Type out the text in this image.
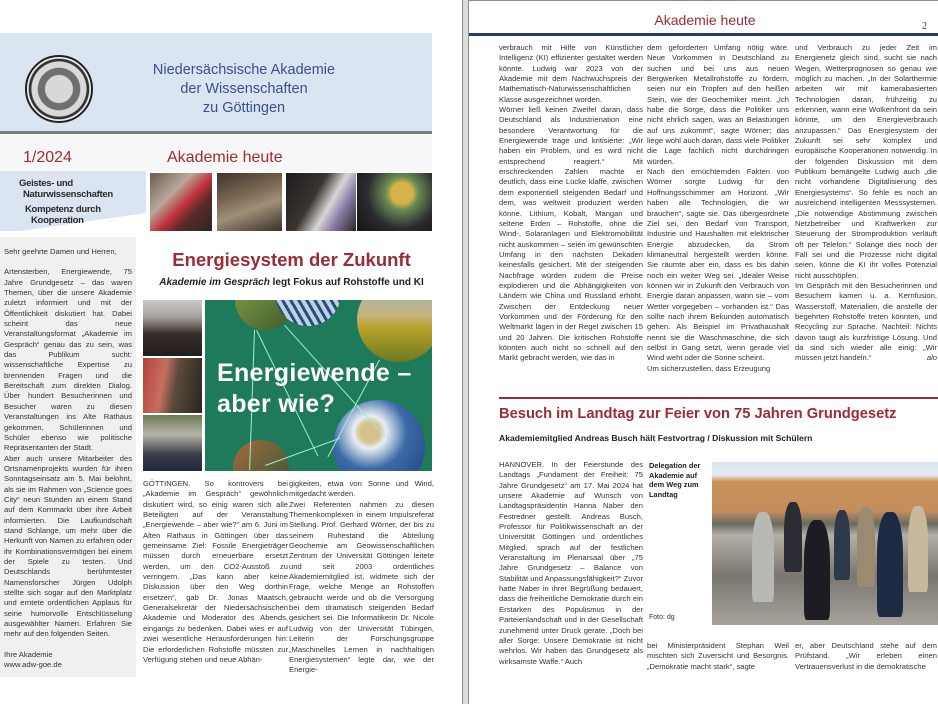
Niedersächsische Akademie
der Wissenschaften
zu Göttingen
1/2024	Akademie heute
Geistes- und
Naturwissenschaften
Kompetenz durch
Kooperation

Sehr geehrte Damen und Herren,

Artensterben, Energiewende, 75 Jahre Grundgesetz – das waren Themen, über die unsere Akademie zuletzt informiert und mit der Öffentlichkeit diskutiert hat. Dabei scheint das neue Veranstaltungsformat „Akademie im Gespräch“ genau das zu sein, was das Publikum sucht: wissenschaftliche Expertise zu brennenden Fragen und die Bereitschaft zum direkten Dialog. Über hundert Besucherinnen und Besucher waren zu diesen Veranstaltungen ins Alte Rathaus gekommen, Schülerinnen und Schüler ebenso wie politische Repräsentanten der Stadt.

Aber auch unsere Mitarbeiter des Ortsnamenprojekts wurden für ihren Sonntagseinsatz am 5. Mai belohnt, als sie im Rahmen von „Science goes City“ neun Stunden an einem Stand auf dem Kornmarkt über ihre Arbeit informierten. Die Laufkundschaft stand Schlange, um mehr über die Herkunft von Namen zu erfahren oder ihr Kombinationsvermögen bei einem der Spiele zu testen. Und Deutschlands berühmtester Namensforscher Jürgen Udolph stellte sich sogar auf den Marktplatz und erntete ordentlichen Applaus für seine humorvolle Entschlüsselung ausgewählter Namen. Erfahren Sie mehr auf den folgenden Seiten.

Ihre Akademie

www.adw-goe.de

Energiesystem der Zukunft
Akademie im Gespräch legt Fokus auf Rohstoffe und KI
Energiewende –
aber wie?
GÖTTINGEN. So kontrovers bei „Akademie im Gespräch“ gewöhnlich diskutiert wird, so einig waren sich alle Beteiligten auf der Veranstaltung „Energiewende – aber wie?“ am 6. Juni im Alten Rathaus in Göttingen über das gemeinsame Ziel: Fossile Energieträger müssen durch erneuerbare ersetzt werden, um den CO2-Ausstoß zu verringern. „Das kann aber keine Diskussion über den Weg dorthin ersetzen“, gab Dr. Jonas Maatsch, Generalsekretär der Niedersächsischen Akademie und Moderator des Abends, eingangs zu bedenken. Dabei wies er auf zwei wesentliche Herausforderungen hin: Die erforderlichen Rohstoffe müssten zur Verfügung stehen und neue Abhän-
gigkeiten, etwa von Sonne und Wind, mitgedacht werden.
Zwei Referenten nahmen zu diesen Themenkomplexen in einem Impulsreferat Stellung. Prof. Gerhard Wörner, der bis zu seinem Ruhestand die Abteilung Geochemie am Geowissenschaftlichen Zentrum der Universität Göttingen leitete und seit 2003 ordentliches Akademiemitglied ist, widmete sich der Frage, welche Menge an Rohstoffen gebraucht werde und ob die Versorgung bei dem dramatisch steigenden Bedarf gesichert sei. Die Informatikerin Dr. Nicole Ludwig von der Universität Tübingen, Leiterin der Forschungsgruppe „Maschinelles Lernen in nachhaltigen Energiesystemen“ legte dar, wie der Energie-
Akademie heute	2
verbrauch mit Hilfe von Künstlicher Intelligenz (KI) effizienter gestaltet werden könnte. Ludwig war 2023 von der Akademie mit dem Nachwuchspreis der Mathematisch-Naturwissenschaftlichen Klasse ausgezeichnet worden.
Wörner ließ keinen Zweifel daran, dass Deutschland als Industrienation eine besondere Verantwortung für die Energiewende trage und kritisierte: „Wir haben ein Problem, und es wird nicht entsprechend reagiert.“ Mit erschreckenden Zahlen machte er deutlich, dass eine Lücke klaffe, zwischen dem exponentiell steigenden Bedarf und dem, was weltweit produziert werden könne. Lithium, Kobalt, Mangan und seltene Erden – Rohstoffe, ohne die Wind-, Solaranlagen und Elektromobilität nicht auskommen – seien im gewünschten Umfang in den nächsten Dekaden keinesfalls gesichert. Mit der steigenden Nachfrage würden zudem die Preise explodieren und die Abhängigkeiten von Ländern wie China und Russland erhöht. Zwischen der Entdeckung neuer Vorkommen und der Förderung für den Weltmarkt lägen in der Regel zwischen 15 und 20 Jahren. Die kritischen Rohstoffe könnten auch nicht so schnell auf den Markt gebracht werden, wie das in
dem geforderten Umfang nötig wäre. Neue Vorkommen in Deutschland zu suchen und bei uns aus neuen Bergwerken Metallrohstoffe zu fördern, seien nur ein Tropfen auf den heißen Stein, wie der Geochemiker meint. „Ich habe die Sorge, dass die Politiker uns nicht ehrlich sagen, was an Belastungen auf uns zukommt“, sagte Wörner; das liege wohl auch daran, dass viele Politiker die Lage fachlich nicht durchdringen würden.
Nach den ernüchternden Fakten von Wörner sorgte Ludwig für den Hoffnungsschimmer am Horizont. „Wir haben alle Technologien, die wir brauchen“, sagte sie. Das übergeordnete Ziel sei, den Bedarf von Transport, Industrie und Haushalten mit elektrischer Energie abzudecken, da Strom klimaneutral hergestellt werden könne. Sie räumte aber ein, dass es bis dahin noch ein weiter Weg sei. „Idealer Weise können wir in Zukunft den Verbrauch von Energie daran anpassen, wann sie – vom Wetter vorgegeben – vorhanden ist.“ Das sollte nach ihrem Bekunden automatisch gehen. Als Beispiel im Privathaushalt nennt sie die Waschmaschine, die sich selbst in Gang setzt, wenn gerade viel Wind weht oder die Sonne scheint.
Um sicherzustellen, dass Erzeugung
und Verbrauch zu jeder Zeit im Energienetz gleich sind, sucht sie nach Wegen, Wetterprognosen so genau wie möglich zu machen. „In der Solarthermie arbeiten wir mit kamerabasierten Technologien daran, frühzeitig zu erkennen, wann eine Wolkenfront da sein könnte, um den Energieverbrauch anzupassen.“ Das Energiesystem der Zukunft sei sehr komplex und europäische Kooperationen notwendig. In der folgenden Diskussion mit dem Publikum bemängelte Ludwig auch „die nicht vorhandene Digitalisierung des Energiesystems“. So fehle es noch an ausreichend intelligenten Messsystemen. „Die notwendige Abstimmung zwischen Netzbetreiber und Kraftwerken zur Steuerung der Stromproduktion verläuft oft per Telefon.“ Solange dies noch der Fall sei und die Prozesse nicht digital seien, könne die KI ihr volles Potenzial nicht ausschöpfen.
Im Gespräch mit den Besucherinnen und Besuchern kamen u. a. Kernfusion, Wasserstoff, Materialien, die anstelle der begehrten Rohstoffe treten könnten, und Recycling zur Sprache. Nachteil: Nichts davon taugt als kurzfristige Lösung. Und da sind sich wieder alle einig: „Wir müssen jetzt handeln.“	alo
Besuch im Landtag zur Feier von 75 Jahren Grundgesetz
Akademiemitglied Andreas Busch hält Festvortrag / Diskussion mit Schülern
HANNOVER. In der Feierstunde des Landtags „Fundament der Freiheit: 75 Jahre Grundgesetz“ am 17. Mai 2024 hat unsere Akademie auf Wunsch von Landtagspräsidentin Hanna Naber den Festredner gestellt. Andreas Busch, Professor für Politikwissenschaft an der Universität Göttingen und ordentliches Mitglied, sprach auf der festlichen Veranstaltung im Plenarsaal über „75 Jahre Grundgesetz – Balance von Stabilität und Anpassungsfähigkeit?“ Zuvor hatte Naber in ihrer Begrüßung bedauert, dass die freiheitliche Demokratie durch ein Erstarken des Populismus in der Parteienlandschaft und in der Gesellschaft zunehmend unter Druck gerate. „Doch bei aller Sorge: Unsere Demokratie ist nicht wehrlos. Wir haben das Grundgesetz als wirksamste Waffe.“ Auch
Delegation der Akademie auf dem Weg zum Landtag
Foto: dg
bei Ministerpräsident Stephan Weil mischten sich Zuversicht und Besorgnis. „Demokratie macht stark“, sagte
er, aber Deutschland stehe auf dem Prüfstand. „Wir erleben einen Vertrauensverlust in die demokratische
